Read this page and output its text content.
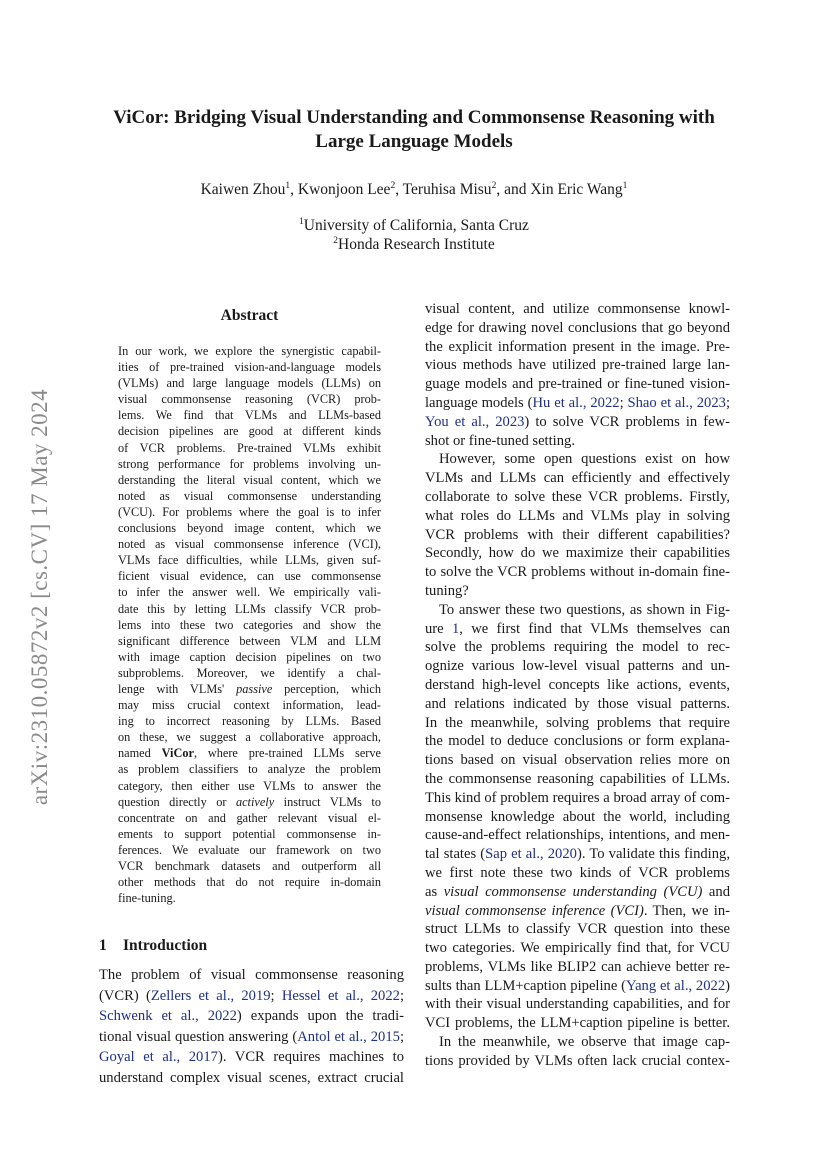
arXiv:2310.05872v2 [cs.CV] 17 May 2024
ViCor: Bridging Visual Understanding and Commonsense Reasoning with
Large Language Models
Kaiwen Zhou$^1$, Kwonjoon Lee$^2$, Teruhisa Misu$^2$, and Xin Eric Wang$^1$
$^1$University of California, Santa Cruz
$^2$Honda Research Institute
Abstract
In our work, we explore the synergistic capabil-
ities of pre-trained vision-and-language models
(VLMs) and large language models (LLMs) on
visual commonsense reasoning (VCR) prob-
lems. We find that VLMs and LLMs-based
decision pipelines are good at different kinds
of VCR problems. Pre-trained VLMs exhibit
strong performance for problems involving un-
derstanding the literal visual content, which we
noted as visual commonsense understanding
(VCU). For problems where the goal is to infer
conclusions beyond image content, which we
noted as visual commonsense inference (VCI),
VLMs face difficulties, while LLMs, given suf-
ficient visual evidence, can use commonsense
to infer the answer well. We empirically vali-
date this by letting LLMs classify VCR prob-
lems into these two categories and show the
significant difference between VLM and LLM
with image caption decision pipelines on two
subproblems. Moreover, we identify a chal-
lenge with VLMs' passive perception, which
may miss crucial context information, lead-
ing to incorrect reasoning by LLMs. Based
on these, we suggest a collaborative approach,
named ViCor, where pre-trained LLMs serve
as problem classifiers to analyze the problem
category, then either use VLMs to answer the
question directly or actively instruct VLMs to
concentrate on and gather relevant visual el-
ements to support potential commonsense in-
ferences. We evaluate our framework on two
VCR benchmark datasets and outperform all
other methods that do not require in-domain
fine-tuning.
1 Introduction
The problem of visual commonsense reasoning
(VCR) (Zellers et al., 2019; Hessel et al., 2022;
Schwenk et al., 2022) expands upon the tradi-
tional visual question answering (Antol et al., 2015;
Goyal et al., 2017). VCR requires machines to
understand complex visual scenes, extract crucial
visual content, and utilize commonsense knowl-
edge for drawing novel conclusions that go beyond
the explicit information present in the image. Pre-
vious methods have utilized pre-trained large lan-
guage models and pre-trained or fine-tuned vision-
language models (Hu et al., 2022; Shao et al., 2023;
You et al., 2023) to solve VCR problems in few-
shot or fine-tuned setting.
However, some open questions exist on how
VLMs and LLMs can efficiently and effectively
collaborate to solve these VCR problems. Firstly,
what roles do LLMs and VLMs play in solving
VCR problems with their different capabilities?
Secondly, how do we maximize their capabilities
to solve the VCR problems without in-domain fine-
tuning?
To answer these two questions, as shown in Fig-
ure 1, we first find that VLMs themselves can
solve the problems requiring the model to rec-
ognize various low-level visual patterns and un-
derstand high-level concepts like actions, events,
and relations indicated by those visual patterns.
In the meanwhile, solving problems that require
the model to deduce conclusions or form explana-
tions based on visual observation relies more on
the commonsense reasoning capabilities of LLMs.
This kind of problem requires a broad array of com-
monsense knowledge about the world, including
cause-and-effect relationships, intentions, and men-
tal states (Sap et al., 2020). To validate this finding,
we first note these two kinds of VCR problems
as visual commonsense understanding (VCU) and
visual commonsense inference (VCI). Then, we in-
struct LLMs to classify VCR question into these
two categories. We empirically find that, for VCU
problems, VLMs like BLIP2 can achieve better re-
sults than LLM+caption pipeline (Yang et al., 2022)
with their visual understanding capabilities, and for
VCI problems, the LLM+caption pipeline is better.
In the meanwhile, we observe that image cap-
tions provided by VLMs often lack crucial contex-
